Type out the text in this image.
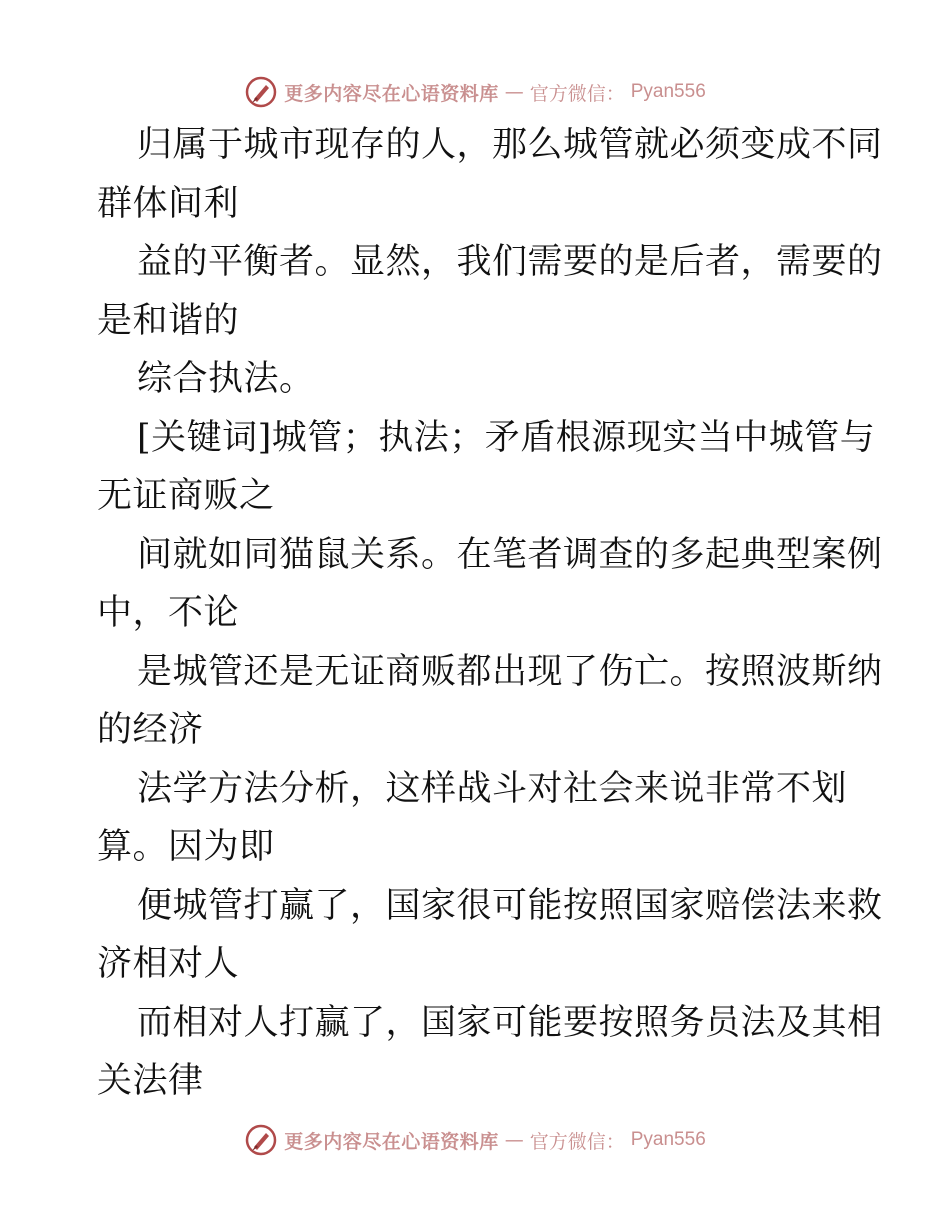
更多内容尽在心语资料库 — 官方微信： Pyan556
归属于城市现存的人，那么城管就必须变成不同
群体间利
益的平衡者。显然，我们需要的是后者，需要的
是和谐的
综合执法。
[关键词]城管；执法；矛盾根源现实当中城管与
无证商贩之
间就如同猫鼠关系。在笔者调查的多起典型案例
中，不论
是城管还是无证商贩都出现了伤亡。按照波斯纳
的经济
法学方法分析，这样战斗对社会来说非常不划
算。因为即
便城管打赢了，国家很可能按照国家赔偿法来救
济相对人
而相对人打赢了，国家可能要按照务员法及其相
关法律
更多内容尽在心语资料库 — 官方微信： Pyan556
